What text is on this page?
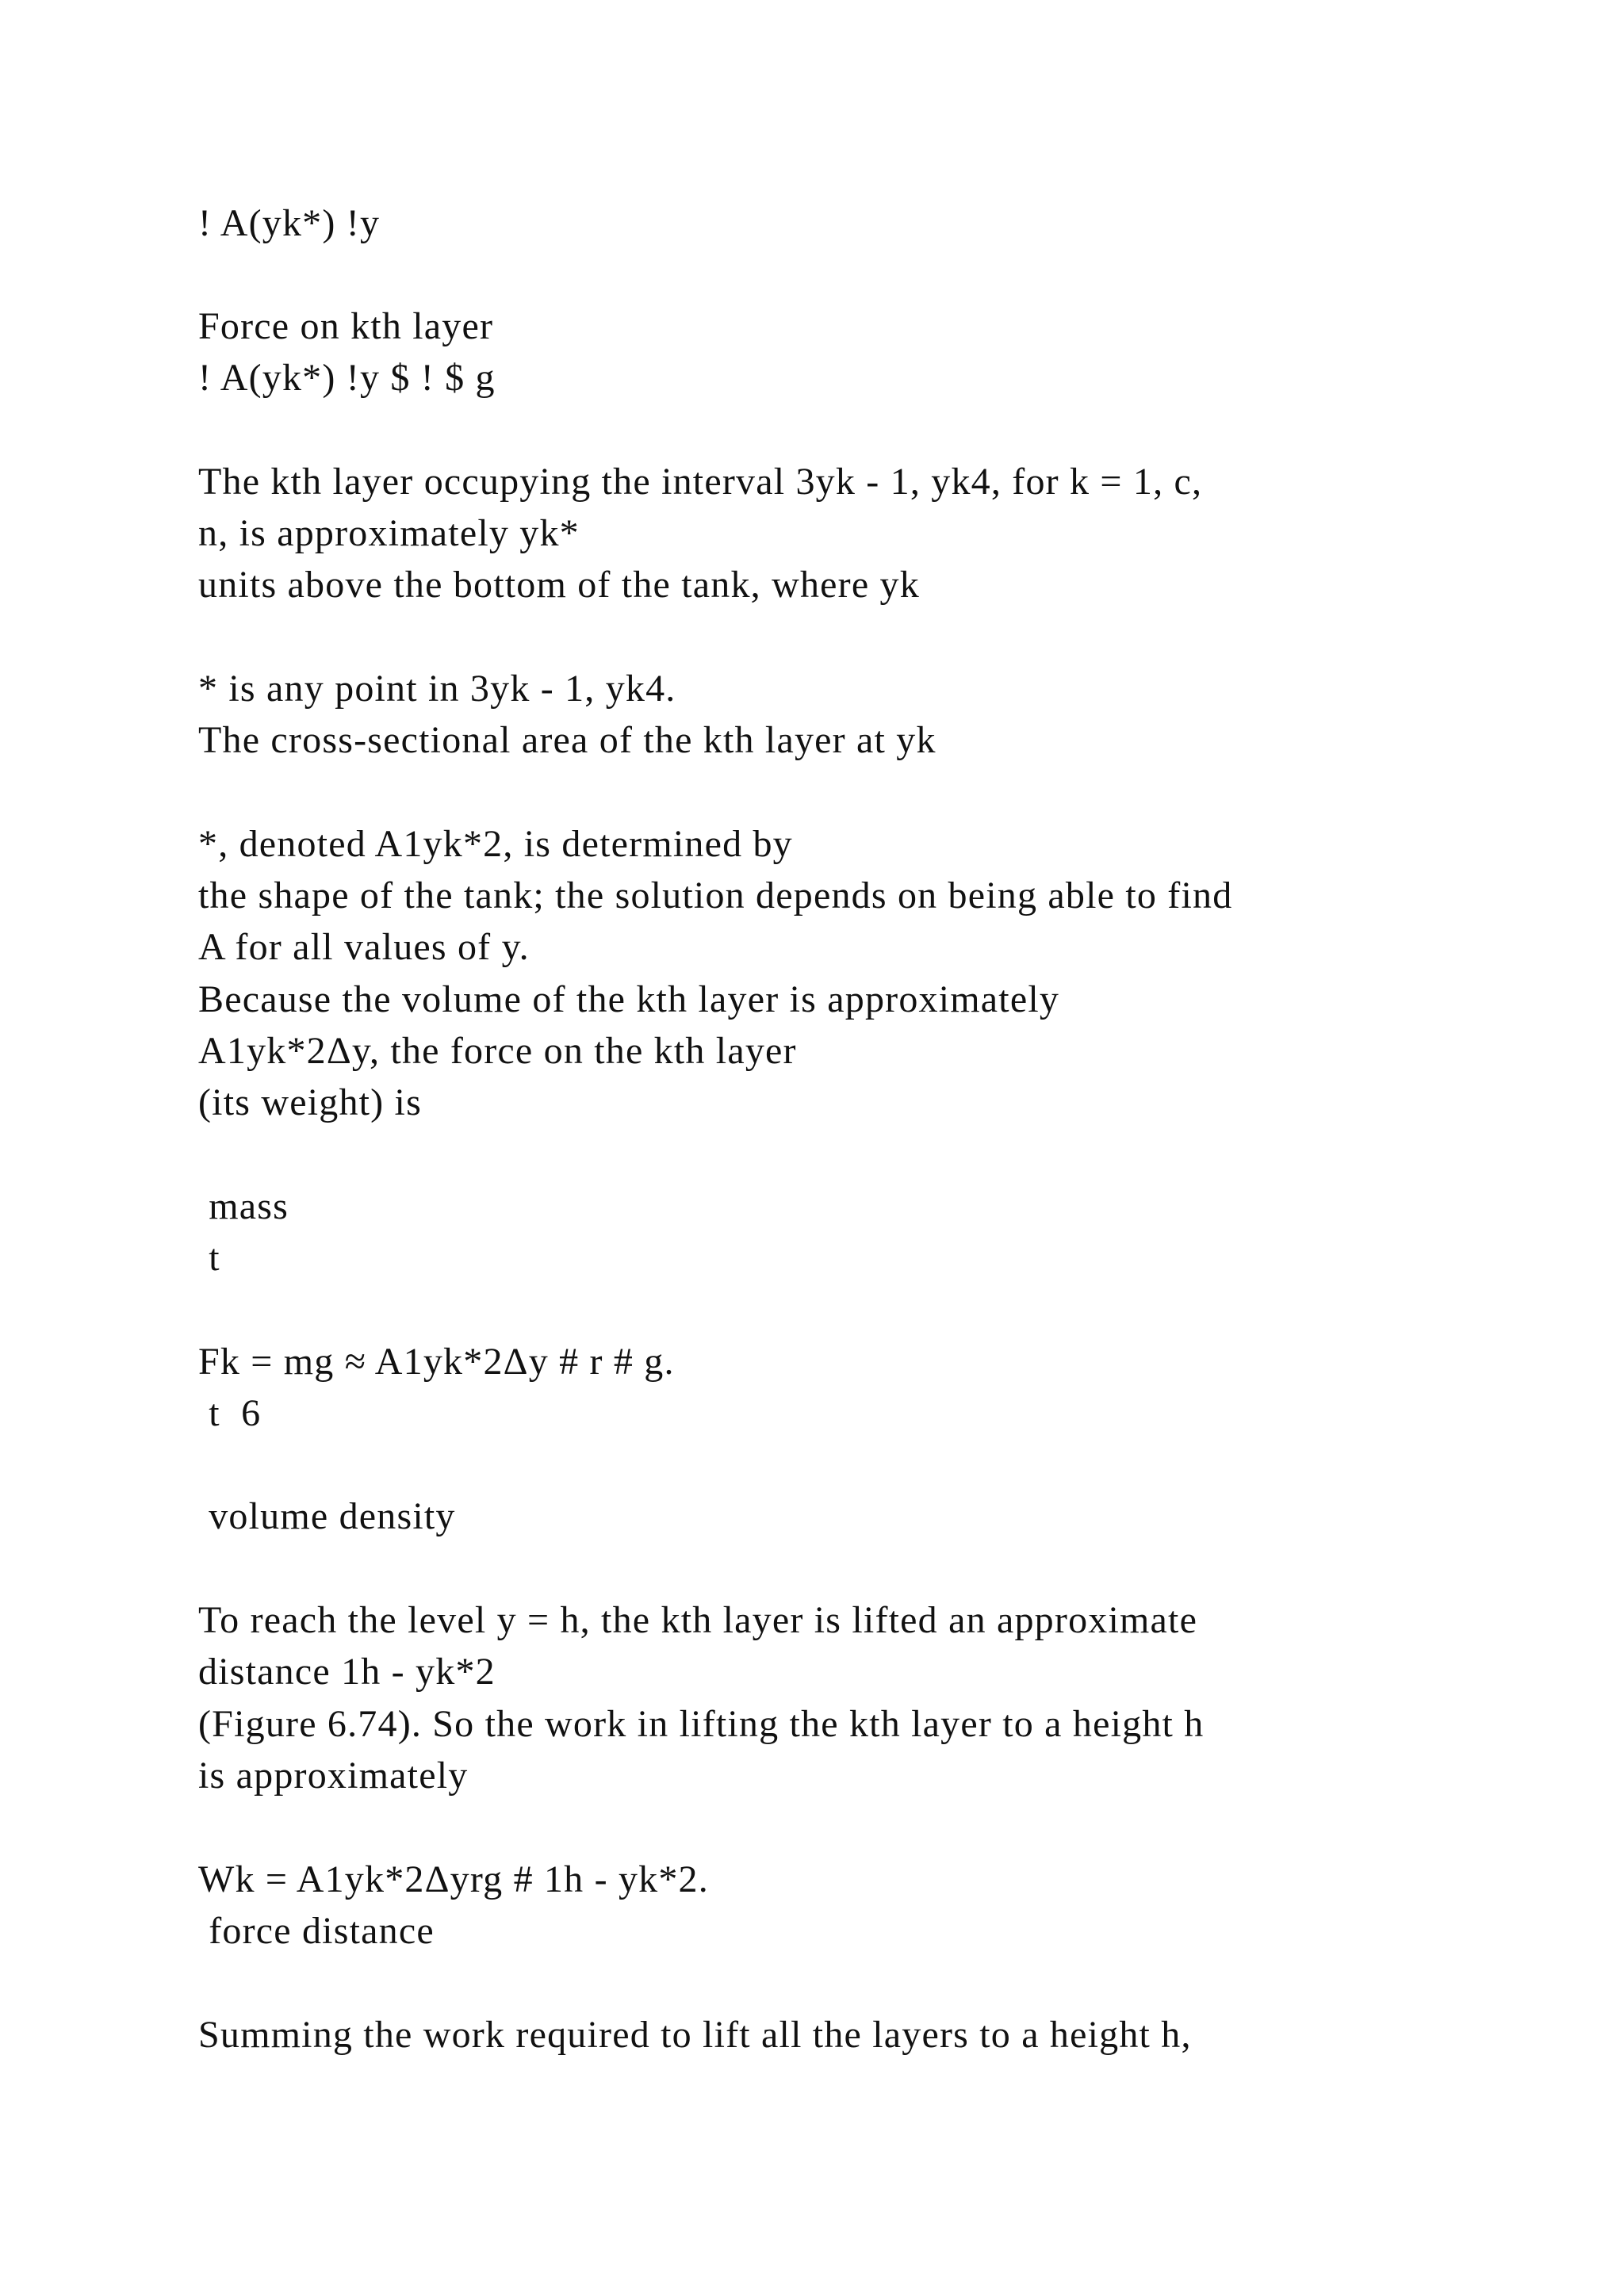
! A(yk*) !y
Force on kth layer
! A(yk*) !y $ ! $ g
The kth layer occupying the interval 3yk - 1, yk4, for k = 1, c,
n, is approximately yk*
units above the bottom of the tank, where yk
* is any point in 3yk - 1, yk4.
The cross-sectional area of the kth layer at yk
*, denoted A1yk*2, is determined by
the shape of the tank; the solution depends on being able to find
A for all values of y.
Because the volume of the kth layer is approximately
A1yk*2Δy, the force on the kth layer
(its weight) is
mass
t
Fk = mg ≈ A1yk*2Δy # r # g.
t  6
volume density
To reach the level y = h, the kth layer is lifted an approximate
distance 1h - yk*2
(Figure 6.74). So the work in lifting the kth layer to a height h
is approximately
Wk = A1yk*2Δyrg # 1h - yk*2.
force distance
Summing the work required to lift all the layers to a height h,
